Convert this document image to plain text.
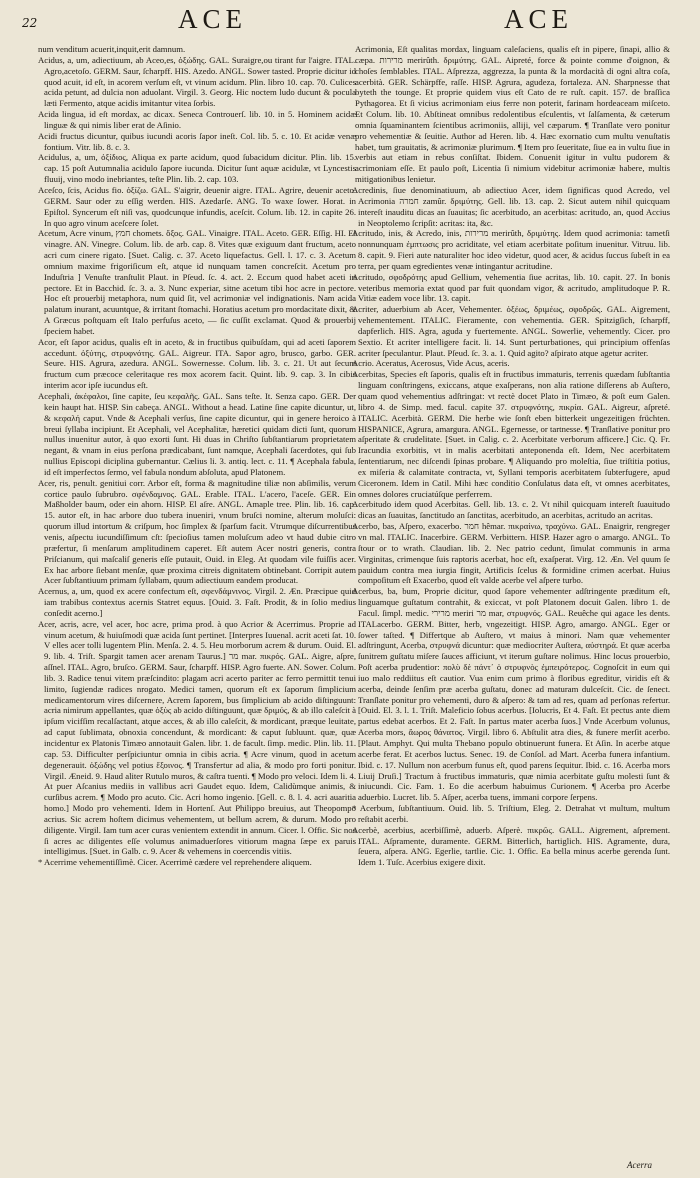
22	ACE	ACE

num venditum acuerit,inquit,erit damnum.

Acidus, a, um, adiectiuum, ab Aceo,es, ὀξώδης. GAL. Suraigre,ou tirant fur l'aigre. ITAL. Agro,acetoſo. GERM. Saur, ſcharpff. HIS. Azedo. ANGL. Sower tasted. Proprie dicitur id quod acuit, id eſt, in acorem verſum eſt, vt vinum acidum. Plin. libro 10. cap. 70. Culices acida petunt, ad dulcia non aduolant. Virgil. 3. Georg. Hic noctem ludo ducunt & pocula læti Fermento, atque acidis imitantur vitea ſorbis.

Acida lingua, id eſt mordax, ac dicax. Seneca Controuerſ. lib. 10. in 5. Hominem acidæ linguæ & qui nimis liber erat de Aſinio.

Acidi fructus dicuntur, quibus iucundi acoris ſapor ineſt. Col. lib. 5. c. 10. Et acidæ venæ fontium. Vitr. lib. 8. c. 3.

Acidulus, a, um, ὀξίδιος, Aliqua ex parte acidum, quod ſubacidum dicitur. Plin. lib. 15. cap. 15 poſt Autumnalia acidulo ſapore iucunda. Dicitur ſunt aquæ acidulæ, vt Lyncestis fluuij, vino modo inebriantes, teſte Plin. lib. 2. cap. 103.

Aceſco, ſcis, Acidus fio. ὀξίζω. GAL. S'aigrir, deuenir aigre. ITAL. Agrire, deuenir aceto. GERM. Saur oder zu eſſig werden. HIS. Azedarſe. ANG. To waxe ſower. Horat. in Epiſtol. Syncerum eſt niſi vas, quodcunque infundis, aceſcit. Colum. lib. 12. in capite 26. In quo agro vinum aceſcere ſolet.

Acetum, Acre vinum, חמץ chomets. ὄξος. GAL. Vinaigre. ITAL. Aceto. GER. Eſſig. HI. El vinagre. AN. Vinegre. Colum. lib. de arb. cap. 8. Vites quæ exiguum dant fructum, aceto acri cum cinere rigato. [Suet. Calig. c. 37. Aceto liquefactus. Gell. l. 17. c. 3. Acetum omnium maxime frigoriſicum eſt, atque id nunquam tamen concreſcit. Acetum pro Induſtria ] Venuſte tranſtulit Plaut. in Pſeud. ſc. 4. act. 2. Eccum quod habet aceti in pectore. Et in Bacchid. ſc. 3. a. 3. Nunc experiar, sitne acetum tibi hoc acre in pectore. Hoc eſt prouerbij metaphora, num quid ſit, vel acrimoniæ vel indignationis. Nam acida palatum inurant, acuuntque, & irritant ſtomachi. Horatius acetum pro mordacitate dixit, & A Græcus poſtquam eſt Italo perfuſus aceto, — ſic cuſſit exclamat. Quod & prouerbij ſpeciem habet.

Acor, eſt ſapor acidus, qualis eſt in aceto, & in fructibus quibuſdam, qui ad aceti ſaporem accedunt. ὀξύτης, στρυφνότης. GAL. Aigreur. ITA. Sapor agro, brusco, garbo. GER. Seure. HIS. Agrura, azedura. ANGL. Sowernesse. Colum. lib. 3. c. 21. Ut aut ſecum fructum cum præcoce celeritaque res mox acorem facit. Quint. lib. 9. cap. 3. In cibis interim acor ipſe iucundus eſt.

Acephali, ἀκέφαλοι, ſine capite, ſeu κεφαλῆς. GAL. Sans teſte. It. Senza capo. GER. Der kein haupt hat. HISP. Sin cabeça. ANGL. Without a head. Latine ſine capite dicuntur, ut, & κεφαλή caput. Vnde & Acephali verſus, ſine capite dicuntur, qui in genere heroico à breui ſyllaba incipiunt. Et Acephali, vel Acephalitæ, hæretici quidam dicti ſunt, quorum nullus inuenitur autor, à quo exorti ſunt. Hi duas in Chriſto ſubſtantiarum proprietatem negant, & vnam in eius perſona prædicabant, ſunt namque, Acephali ſacerdotes, qui ſub nullius Episcopi diciplina gubernantur. Cælius li. 3. antiq. lect. c. 11. ¶ Acephala fabula, id eſt imperfectos ſermo, vel fabula nondum abſoluta, apud Platonem.

Acer, ris, penult. genitiui corr. Arbor eſt, forma & magnitudine tiliæ non abſimilis, verum cortice paulo ſubrubro. σφένδαμνος. GAL. Erable. ITAL. L'acero, l'aceſe. GER. Ein Maßholder baum, oder ein ahorn. HISP. El aſre. ANGL. Amaple tree. Plin. lib. 16. cap. 15. autor eſt, in hac arbore duo tubera inueniri, vnum bruſci nomine, alterum moluſci: quorum illud intortum & criſpum, hoc ſimplex & ſparſum facit. Vtrumque diſcurrentibus venis, aſpectu iucundiſſimum cſt: ſpecioſius tamen moluſcum adeo vt haud dubie citro præfertur, ſi menſarum amplitudinem caperet. Eſt autem Acer nostri generis, contra Priſcianum, qui maſcaliſ generis eſſe putauit, Ouid. in Eleg. At quodam vile fuiſſis acer. Ex hac arbore ſiebant menſæ, quæ proxima citreis dignitatem obtinebant. Corripit autem Acer ſubſtantiuum primam ſyllabam, quum adiectiuum eandem producat.

Acernus, a, um, quod ex acere confectum eſt, σφενδάμνινος. Virgil. 2. Æn. Præcipue quid iam trabibus contextus acernis Statret equus. [Ouid. 3. Faſt. Prodit, & in ſolio medius conſedit acerno.]

Acer, acris, acre, vel acer, hoc acre, prima prod. à quo Acrior & Acerrimus. Proprie ad vinum acetum, & huiuſmodi quæ acida ſunt pertinet. [Interpres Iuuenal. acrit aceti ſat. 10. V elles acer tolli lugentem Plin. Menſa. 2. 4. 5. Heu morborum acrem & durum. Ouid. El. 9. lib. 4. Triſt. Spargit tamen acer arenam Taurus.] מר mar. πικρός. GAL. Aigre, aſpre, aſſnel. ITAL. Agro, bruſco. GERM. Saur, ſcharpff. HISP. Agro fuerte. AN. Sower. Colum. lib. 3. Radice tenui vitem præſcindito: plagam acri acerto pariter ac ferro permittit tenui limito, ſugiendæ radices nrogato. Medici tamen, quorum eſt ex ſaporum ſimplicium medicamentorum vires diſcernere, Acrem ſaporem, bus ſimplicium ab acido diſtinguunt: acria nimirum appellantes, quæ ὀξὺς ab acido diſtinguunt, quæ δριμύς, & ab illo caleſcit à ipſum vicifſim recalſactant, atque acces, & ab illo caleſcit, & mordicant, præque leuitate, ad caput ſublimata, obnoxia concendunt, & mordicant: & caput ſubluunt. quæ, quæ incidentur ex Platonis Timæo annotauit Galen. libr. 1. de facult. ſimp. medic. Plin. lib. 11. cap. 53. Difficulter perſpiciuntur omnia in cibis acria. ¶ Acre vinum, quod in acetum degenerauit. ὀξώδης vel potius ἔξοινος. ¶ Transfertur ad alia, & modo pro forti ponitur. Virgil. Æneid. 9. Haud aliter Rutulo muros, & caſtra tuenti. ¶ Modo pro veloci. Idem li. 4. At puer Aſcanius mediis in vallibus acri Gaudet equo. Idem, Calidùmque animis, & curſibus acrem. ¶ Modo pro acuto. Cic. Acri homo ingenio. [Gell. c. 8. l. 4. acri auaritia homo.] Modo pro vehementi. Idem in Hortenſ. Aut Philippo breuius, aut Theopompo acrius. Sic acrem hoſtem dicimus vehementem, ut bellum acrem, & durum. Modo pro diligente. Virgil. Iam tum acer curas venientem extendit in annum. Cicer. l. Offic. Sic nos ſi acres ac diligentes eſſe volumus animaduerſores vitiorum magna ſæpe ex paruis intelligimus. [Suet. in Galb. c. 9. Acer & vehemens in coercendis vitiis.

* Acerrime vehementiſſimè. Cicer. Acerrimè cædere vel reprehendere aliquem.

Acrimonia, Eſt qualitas mordax, linguam caleſaciens, qualis eſt in pipere, ſinapi, allio & cæpa. מרירות merirûth. δριμύτης. GAL. Aipreté, force & pointe comme d'oignon, & choſes ſemblables. ITAL. Aſprezza, aggrezza, la punta & la mordacità di ogni altra coſa, acerbità. GER. Schärpffe, raſſe. HISP. Agrura, agudeza, fortaleza. AN. Sharpnesse that byteth the tounge. Et proprie quidem vius eſt Cato de re ruſt. capit. 157. de braſſica Pythagorea. Et ſi vicius acrimoniam eius ferre non poterit, farinam hordeaceam miſceto. Et Colum. lib. 10. Abſtineat omnibus redolentibus eſculentis, vt ſalſamenta, & cæterum omnia ſquaminantem ſcientibus acrimoniis, alliji, vel cæparum. ¶ Tranſlate vero ponitur pro vehementiæ & ſeuitie. Author ad Heren. lib. 4. Hæc exornatio cum multu venuſtatis habet, tum grauitatis, & acrimoniæ plurimum. ¶ Item pro ſeueritate, ſiue ea in vultu ſiue in verbis aut etiam in rebus conſiſtat. Ibidem. Conuenit igitur in vultu pudorem & acrimoniam eſſe. Et paulo poſt, Licentia ſi nimium videbitur acrimoniæ habere, multis mitigationibus lenietur.

Acredinis, ſiue denominatiuum, ab adiectiuo Acer, idem ſignificas quod Acredo, vel Acrimonia חמרה zamûr. δριμύτης. Gell. lib. 13. cap. 2. Sicut autem nihil quicquam intereſt inauditu dicas an ſuauitas; ſic acerbitudo, an acerbitas: acritudo, an, quod Accius in Neoptolemo ſcripſit: acritas: ita, &c.

Acritudo, inis, & Acredo, inis, מרירות merirûth, δριμύτης. Idem quod acrimonia: tametſi nonnunquam ἐμπτωσις pro acriditate, vel etiam acerbitate poſitum inuenitur. Vitruu. lib. 8. capit. 9. Fieri aute naturaliter hoc ideo videtur, quod acer, & acidus ſuccus ſubeſt in ea terra, per quam egredientes venæ intingantur acritudine.

Acritudo, σφοδρότης apud Gellium, vehementia ſiue acritas, lib. 10. capit. 27. In bonis veteribus memoria extat quod par fuit quondam vigor, & acritudo, amplitudoque P. R. Vitiæ eadem voce libr. 13. capit.

Acriter, aduerbium ab Acer, Vehementer. ὀξέως, δριμέως, σφοδρῶς. GAL. Aigrement, vehementement. ITALIC. Fieramente, con vehementia. GER. Spitzigſich, ſcharpff, dapferlich. HIS. Agra, aguda y fuertemente. ANGL. Sowerlie, vehemently. Cicer. pro Sextio. Et acriter intelligere facit. li. 14. Sunt perturbationes, qui principium offenſas acriter ſpeculantur. Plaut. Pſeud. ſc. 3. a. 1. Quid agito? aſpirato atque agetur acriter.

Acrio. Aceratus, Acerosus, Vide Acus, aceris.

Acerbitas, Species eſt ſaporis, qualis eſt in fructibus immaturis, terrenis quædam ſubſtantia linguam conſtringens, exiccans, atque exaſperans, non alia ratione diſſerens ab Auſtero, quam quod vehementius adſtringat: vt rectè docet Plato in Timæo, & poſt eum Galen. libro 4. de Simp. med. facul. capite 37. στρυφνότης, πικρία. GAL. Aigreur, aſpreté. ITALIC. Acerbità. GERM. Die herbe wie ſonſt eben bitterkeit ungezeitigen früchten. HISPANICE, Agrura, amargura. ANGL. Egernesse, or tartnesse. ¶ Tranſlative ponitur pro aſperitate & crudelitate. [Suet. in Calig. c. 2. Acerbitate verborum afficere.] Cic. Q. Fr. Iracundia exorbitis, vt in malis acerbitati anteponenda eſt. Idem, Nec acerbitatem ſententiarum, nec diſcendi ſpinas probare. ¶ Aliquando pro moleſtia, ſiue triſtitia potius, ex miſeria & calamitate contracta, vt, Syllani temporis acerbitatem ſubterfugere, apud Ciceronem. Idem in Catil. Mihi hæc conditio Conſulatus data eſt, vt omnes acerbitates, omnes dolores cruciatúſque perferrem.

Acerbitudo idem quod Acerbitas. Gell. lib. 13. c. 2. Vt nihil quicquam intereſt ſuauitudo dicas an ſuauitas, ſanctitudo an ſanctitas, acerbitudo, an acerbitas, acritudo an acritas.

Acerbo, bas, Aſpero, exacerbo. חמר hêmar. πικραίνω, τραχύνω. GAL. Enaigrir, rengreger vn mal. ITALIC. Inacerbire. GERM. Verbittern. HISP. Hazer agro o amargo. ANGL. To ſtour or to wrath. Claudian. lib. 2. Nec patrio cedunt, ſimulat communis in arma Virginitas, crimenque ſuis raptoris acerbat, hoc eſt, exaſperat. Virg. 12. Æn. Vel quum ſe pauidum contra mea iurgia fingit, Artificis ſcelus & formidine crimen acerbat. Huius compoſitum eſt Exacerbo, quod eſt valde acerbe vel aſpere turbo.

Acerbus, ba, bum, Proprie dicitur, quod ſapore vehementer adſtringente præditum eſt, linguamque guſtatum contrahit, & exiccat, vt poſt Platonem docuit Galen. libro 1. de Facul. ſimpl. medic. מרירי meriri מר mar, στρυφνός. GAL. Reuêche qui agace les dents. ITALacerbo. GERM. Bitter, herb, vngezeitigt. HISP. Agro, amargo. ANGL. Eger or ſower taſted. ¶ Differtque ab Auſtero, vt maius à minori. Nam quæ vehementer adſtringunt, Acerba, στρυφνά dicuntur: quæ mediocriter Auſtera, αὐστηρά. Et quæ acerba ſunitrem guſtatu miſere ſauces afficiunt, vt iterum guſtare nolimus. Hinc locus prouerbio, Poſt acerba prudentior: πολὺ δὲ πάντ᾽ ὁ στρυφνὸς ἐμπειρότερος. Cognoſcit in eum qui iuo malo reddiitus eſt cautior. Vua enim cum primo à floribus egreditur, viridis eſt & acerba, deinde ſenſim præ acerba guſtatu, donec ad maturam dulceſcit. Cic. de ſenect. Tranſlate ponitur pro vehementi, duro & aſpero: & tam ad res, quam ad perſonas refertur. [Ouid. El. 3. l. 1. Triſt. Maleficio ſobus acerbus. [Iolucris, Et 4. Faſt. Et pectus ante diem partus edebat acerbos. Et 2. Faſt. In partus mater acerba ſuos.] Vnde Acerbum volunus, Acerba mors, ἄωρος θάνατος. Virgil. libro 6. Abſtulit atra dies, & funere merſit acerbo. [Plaut. Amphyt. Qui multa Thebano populo obtinuerunt funera. Et Aſin. In acerbe atque acerbe ferat. Et acerbos luctus. Senec. 19. de Conſol. ad Mart. Acerba funera infantium. Ibid. c. 17. Nullum non acerbum funus eſt, quod parens ſequitur. Ibid. c. 16. Acerba mors Liuij Druſi.] Tractum à fructibus immaturis, quæ nimia acerbitate guſtu molesti ſunt & iniucundi. Cic. Fam. 1. Eo die acerbum habuimus Curionem. ¶ Acerba pro Acerbe aduerbio. Lucret. lib. 5. Aſper, acerba tuens, immani corpore ſerpens.

* Acerbum, ſubſtantiuum. Ouid. lib. 5. Triſtium, Eleg. 2. Detrahat vt multum, multum reſtabit acerbi.

Acerbè, acerbius, acerbiſſimè, aduerb. Aſperè. πικρῶς. GALL. Aigrement, aſprement. ITAL. Aſpramente, duramente. GERM. Bitterlich, hartiglich. HIS. Agramente, dura, ſeuera, aſpera. ANG. Egerlie, tartlie. Cic. 1. Offic. Ea bella minus acerbe gerenda ſunt. Idem 1. Tuſc. Acerbius exigere dixit.

Acerra
